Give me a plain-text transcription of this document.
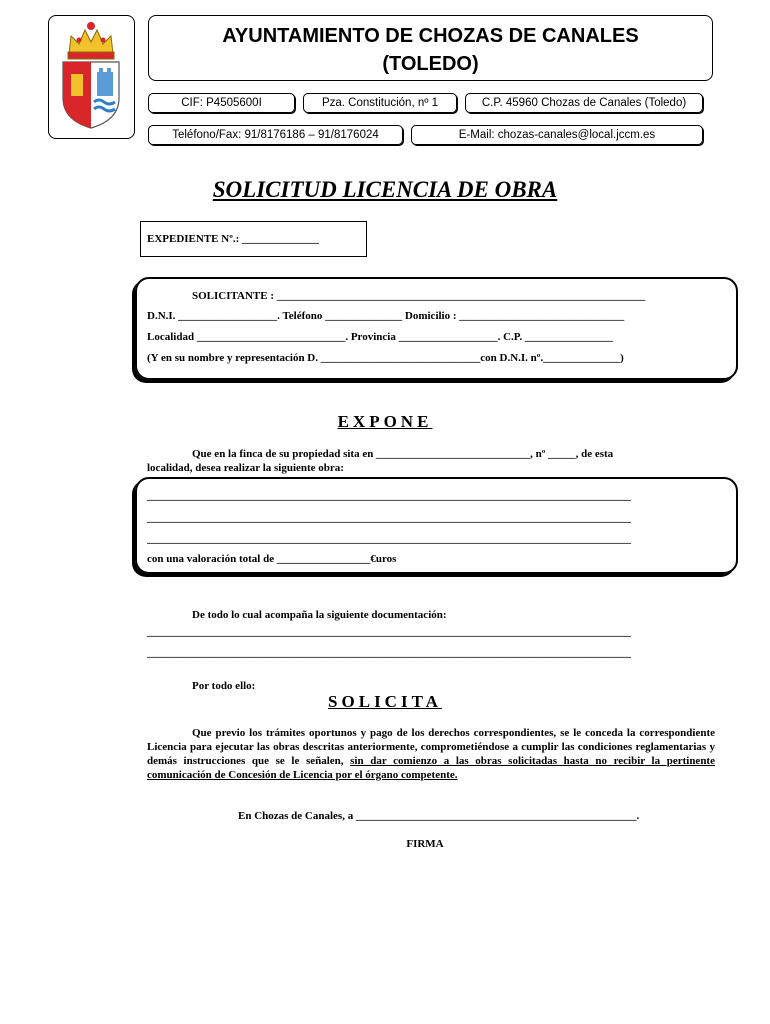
AYUNTAMIENTO DE CHOZAS DE CANALES
(TOLEDO)
CIF: P4505600I	Pza. Constitución, nº 1	C.P. 45960 Chozas de Canales (Toledo)
Teléfono/Fax: 91/8176186 – 91/8176024	E-Mail: chozas-canales@local.jccm.es
SOLICITUD LICENCIA DE OBRA
EXPEDIENTE Nº.: ______________
SOLICITANTE : ___________________________________________________________________
D.N.I. __________________. Teléfono ______________ Domicilio : ______________________________
Localidad ___________________________. Provincia __________________. C.P. ________________
(Y en su nombre y representación D. _____________________________con D.N.I. nº.______________)
EXPONE
Que en la finca de su propiedad sita en ____________________________, nº _____, de esta
localidad, desea realizar la siguiente obra:
________________________________________________________________________________________
________________________________________________________________________________________
________________________________________________________________________________________
con una valoración total de _________________€uros
De todo lo cual acompaña la siguiente documentación:
________________________________________________________________________________________
________________________________________________________________________________________
Por todo ello:
SOLICITA
Que previo los trámites oportunos y pago de los derechos correspondientes, se le conceda la correspondiente Licencia para ejecutar las obras descritas anteriormente, comprometiéndose a cumplir las condiciones reglamentarias y demás instrucciones que se le señalen, sin dar comienzo a las obras solicitadas hasta no recibir la pertinente comunicación de Concesión de Licencia por el órgano competente.
En Chozas de Canales, a ___________________________________________________.
FIRMA
